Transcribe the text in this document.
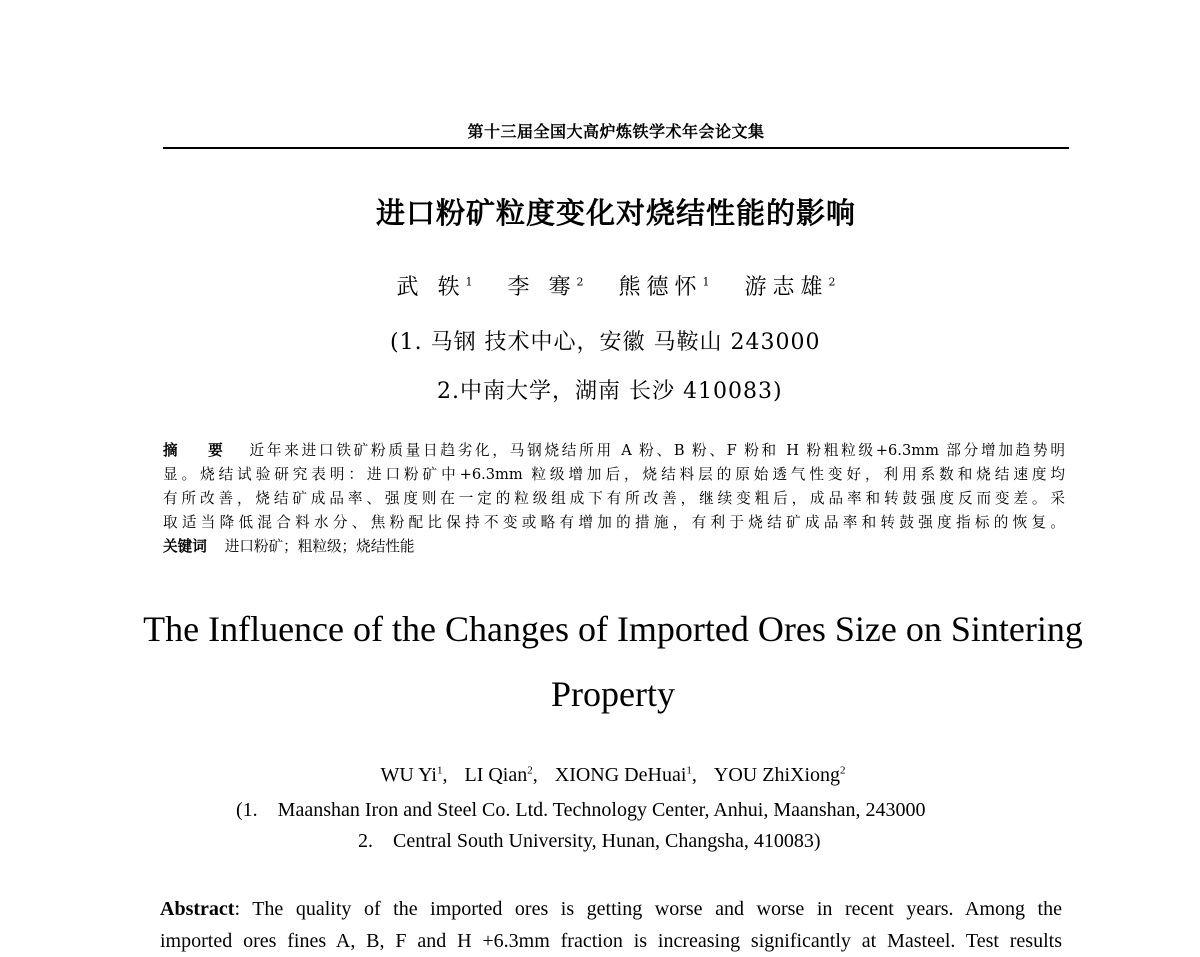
第十三届全国大高炉炼铁学术年会论文集
进口粉矿粒度变化对烧结性能的影响
武 轶$^1$ 李 骞$^2$ 熊德怀$^1$ 游志雄$^2$
(1. 马钢 技术中心，安徽 马鞍山 243000
2.中南大学，湖南 长沙 410083)
摘 要 近年来进口铁矿粉质量日趋劣化，马钢烧结所用 A 粉、B 粉、F 粉和 H 粉粗粒级+6.3mm 部分增加趋势明
显。烧结试验研究表明：进口粉矿中+6.3mm 粒级增加后，烧结料层的原始透气性变好，利用系数和烧结速度均
有所改善，烧结矿成品率、强度则在一定的粒级组成下有所改善，继续变粗后，成品率和转鼓强度反而变差。采
取适当降低混合料水分、焦粉配比保持不变或略有增加的措施，有利于烧结矿成品率和转鼓强度指标的恢复。
关键词 进口粉矿；粗粒级；烧结性能
The Influence of the Changes of Imported Ores Size on Sintering
Property
WU Yi$^1$, LI Qian$^2$, XIONG DeHuai$^1$, YOU ZhiXiong$^2$
(1. Maanshan Iron and Steel Co. Ltd. Technology Center, Anhui, Maanshan, 243000
2. Central South University, Hunan, Changsha, 410083)
Abstract: The quality of the imported ores is getting worse and worse in recent years. Among the
imported ores fines A, B, F and H +6.3mm fraction is increasing significantly at Masteel. Test results
